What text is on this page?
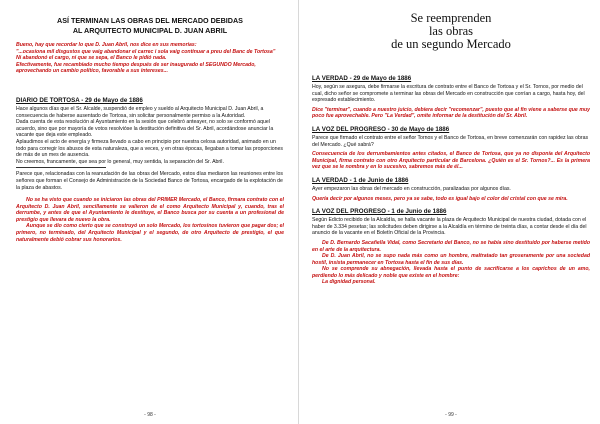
ASÍ TERMINAN LAS OBRAS DEL MERCADO DEBIDAS
AL ARQUITECTO MUNICIPAL D. JUAN ABRIL

Bueno, hay que recordar lo que D. Juan Abril, nos dice en sus memorias:

"...ocasiona mil disgustos que vaig abandonar el carrec i sola vaig continuar a preu del Banc de Tortosa"

Ni abandonó el cargo, ni que se sepa, el Banco le pidió nada.

Efectivamente, fue recambiado mucho tiempo después de ser inaugurado el SEGUNDO Mercado, aprovechando un cambio político, favorable a sus intereses...

DIARIO DE TORTOSA - 29 de Mayo de 1886

Hace algunos días que el Sr. Alcalde, suspendió de empleo y sueldo al Arquitecto Municipal D. Juan Abril, a consecuencia de haberse ausentado de Tortosa, sin solicitar personalmente permiso a la Autoridad.

Dada cuenta de esta resolución al Ayuntamiento en la sesión que celebró anteayer, no solo se conformó aquel acuerdo, sino que por mayoría de votos resolvióse la destitución definitiva del Sr. Abril, acordándose anunciar la vacante que deja este empleado.

Aplaudimos el acto de energía y firmeza llevado a cabo en principio por nuestra celosa autoridad, animado en un todo para corregir los abusos de esta naturaleza, que a veces, y en otras épocas, llegaban a tomar las proporciones de más de un mes de ausencia.

No creemos, francamente, que sea por lo general, muy sentida, la separación del Sr. Abril.

Parece que, relacionadas con la reanudación de las obras del Mercado, estos días mediaron las reuniones entre los señores que forman el Consejo de Administración de la Sociedad Banco de Tortosa, encargado de la explotación de la plaza de abastos.

No se ha visto que cuando se iniciaron las obras del PRIMER Mercado, el Banco, firmara contrato con el Arquitecto D. Juan Abril, sencillamente se valieron de el como Arquitecto Municipal y, cuando, tras el derrumbe, y antes de que el Ayuntamiento le destituye, el Banco busca por su cuenta a un profesional de prestigio que llevara de nuevo la obra.

Aunque se dio como cierto que se construyó un solo Mercado, los tortosinos tuvieron que pagar dos; el primero, no terminado, del Arquitecto Municipal y el segundo, de otro Arquitecto de prestigio, el que naturalmente debió cobrar sus honorarios.

- 98 -

Se reemprenden

las obras

de un segundo Mercado

LA VERDAD - 29 de Mayo de 1886

Hoy, según se asegura, debe firmarse la escritura de contrato entre el Banco de Tortosa y el Sr. Tornos, por medio del cual, dicho señor se compromete a terminar las obras del Mercado en construcción que corrían a cargo, hasta hoy, del expresado establecimiento.

Dice "terminar", cuando a nuestro juicio, debiera decir "recomenzar", puesto que al fin viene a saberse que muy poco fue aprovechable. Pero "La Verdad", omite informar de la destitución del Sr. Abril.

LA VOZ DEL PROGRESO - 30 de Mayo de 1886

Parece que firmado el contrato entre el señor Tornos y el Banco de Tortosa, en breve comenzarán con rapidez las obras del Mercado. ¿Qué sabrá?

Consecuencia de los derrumbamientos antes citados, el Banco de Tortosa, que ya no disponía del Arquitecto Municipal, firma contrato con otro Arquitecto particular de Barcelona. ¿Quién es el Sr. Tornos?... Es la primera vez que se le nombra y en lo sucesivo, sabremos más de él...

LA VERDAD - 1 de Junio de 1886

Ayer empezaron las obras del mercado en construcción, paralizadas por algunos días.

Quería decir por algunos meses, pero ya se sabe, todo es igual bajo el color del cristal con que se mira.

LA VOZ DEL PROGRESO - 1 de Junio de 1886

Según Edicto recibido de la Alcaldía, se halla vacante la plaza de Arquitecto Municipal de nuestra ciudad, dotada con el haber de 3.334 pesetas; las solicitudes deben dirigirse a la Alcaldía en término de treinta días, a contar desde el día del anuncio de la vacante en el Boletín Oficial de la Provincia.

De D. Bernardo Sacañella Vidal, como Secretario del Banco, no se había sino destituido por haberse metido en el arte de la arquitectura.

De D. Juan Abril, no se supo nada más como un hombre, maltratado tan groseramente por una sociedad hostil, insista permanecer en Tortosa hasta el fin de sus días.

No se comprende su abnegación, llevada hasta el punto de sacrificarse a los caprichos de un amo, perdiendo lo más delicado y noble que existe en el hombre:

La dignidad personal.

- 99 -
